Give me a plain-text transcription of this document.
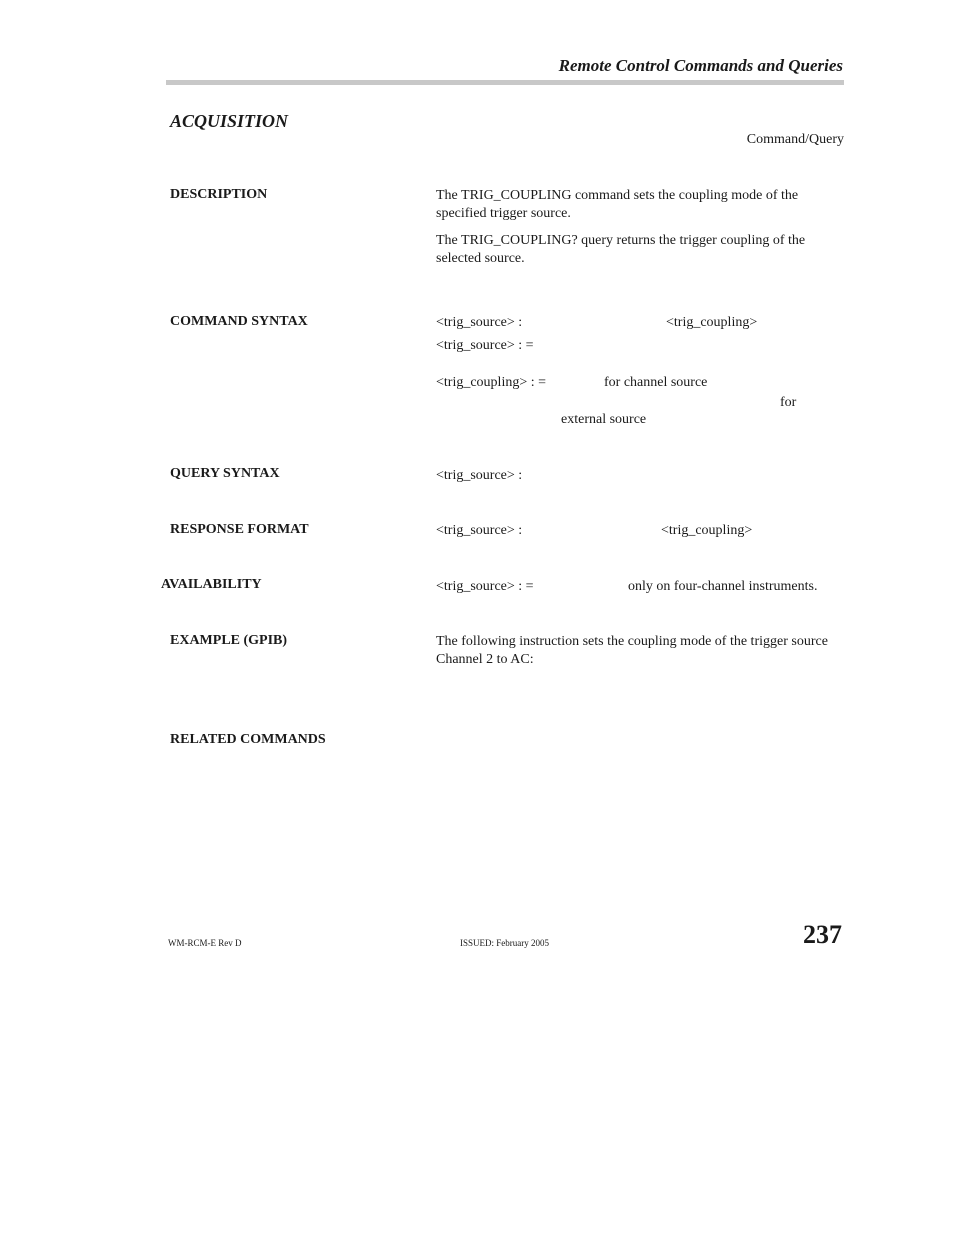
Remote Control Commands and Queries
ACQUISITION
Command/Query
DESCRIPTION	The TRIG_COUPLING command sets the coupling mode of the specified trigger source.
The TRIG_COUPLING? query returns the trigger coupling of the selected source.
COMMAND SYNTAX	<trig_source> :	<trig_coupling>
<trig_source> : =
<trig_coupling> : =	for channel source
for
external source
QUERY SYNTAX	<trig_source> :
RESPONSE FORMAT	<trig_source> :	<trig_coupling>
AVAILABILITY	<trig_source> : =	only on four-channel instruments.
EXAMPLE (GPIB)	The following instruction sets the coupling mode of the trigger source   Channel 2 to AC:
RELATED COMMANDS
WM-RCM-E Rev D	ISSUED: February 2005	237
